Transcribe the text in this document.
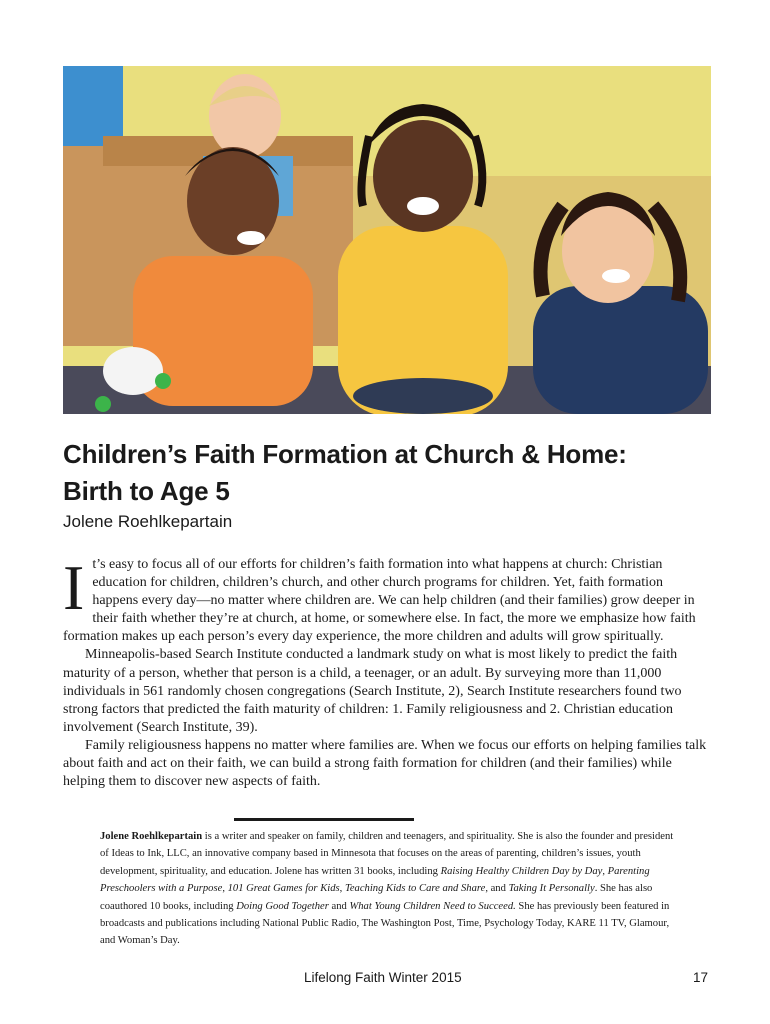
Children’s Faith Formation at Church & Home:
Birth to Age 5
Jolene Roehlkepartain

It’s easy to focus all of our efforts for children’s faith formation into what happens at church: Christian education for children, children’s church, and other church programs for children. Yet, faith formation happens every day—no matter where children are. We can help children (and their families) grow deeper in their faith whether they’re at church, at home, or somewhere else. In fact, the more we emphasize how faith formation makes up each person’s every day experience, the more children and adults will grow spiritually.

Minneapolis-based Search Institute conducted a landmark study on what is most likely to predict the faith maturity of a person, whether that person is a child, a teenager, or an adult. By surveying more than 11,000 individuals in 561 randomly chosen congregations (Search Institute, 2), Search Institute researchers found two strong factors that predicted the faith maturity of children: 1. Family religiousness and 2. Christian education involvement (Search Institute, 39).

Family religiousness happens no matter where families are. When we focus our efforts on helping families talk about faith and act on their faith, we can build a strong faith formation for children (and their families) while helping them to discover new aspects of faith.

Jolene Roehlkepartain is a writer and speaker on family, children and teenagers, and spirituality. She is also the founder and president of Ideas to Ink, LLC, an innovative company based in Minnesota that focuses on the areas of parenting, children’s issues, youth development, spirituality, and education. Jolene has written 31 books, including Raising Healthy Children Day by Day, Parenting Preschoolers with a Purpose, 101 Great Games for Kids, Teaching Kids to Care and Share, and Taking It Personally. She has also coauthored 10 books, including Doing Good Together and What Young Children Need to Succeed. She has previously been featured in broadcasts and publications including National Public Radio, The Washington Post, Time, Psychology Today, KARE 11 TV, Glamour, and Woman’s Day.
Lifelong Faith Winter 2015	17
